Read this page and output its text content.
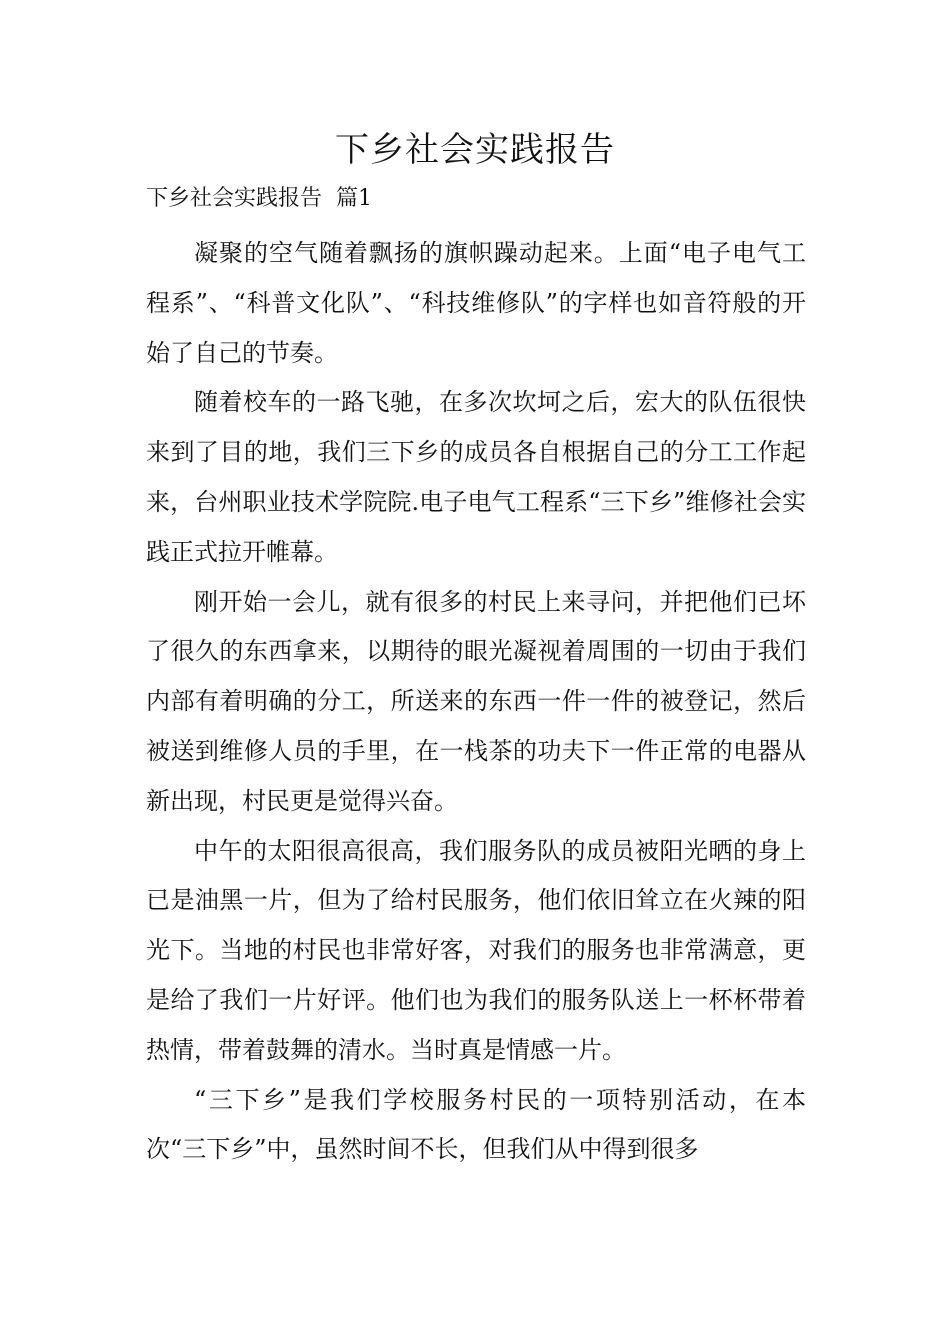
下乡社会实践报告
下乡社会实践报告  篇1

凝聚的空气随着飘扬的旗帜躁动起来。上面“电子电气工程系”、“科普文化队”、“科技维修队”的字样也如音符般的开始了自己的节奏。

随着校车的一路飞驰，在多次坎坷之后，宏大的队伍很快来到了目的地，我们三下乡的成员各自根据自己的分工工作起来，台州职业技术学院院.电子电气工程系“三下乡”维修社会实践正式拉开帷幕。

刚开始一会儿，就有很多的村民上来寻问，并把他们已坏了很久的东西拿来，以期待的眼光凝视着周围的一切由于我们内部有着明确的分工，所送来的东西一件一件的被登记，然后被送到维修人员的手里，在一栈茶的功夫下一件正常的电器从新出现，村民更是觉得兴奋。

中午的太阳很高很高，我们服务队的成员被阳光晒的身上已是油黑一片，但为了给村民服务，他们依旧耸立在火辣的阳光下。当地的村民也非常好客，对我们的服务也非常满意，更是给了我们一片好评。他们也为我们的服务队送上一杯杯带着热情，带着鼓舞的清水。当时真是情感一片。

“三下乡”是我们学校服务村民的一项特别活动，在本次“三下乡”中，虽然时间不长，但我们从中得到很多
